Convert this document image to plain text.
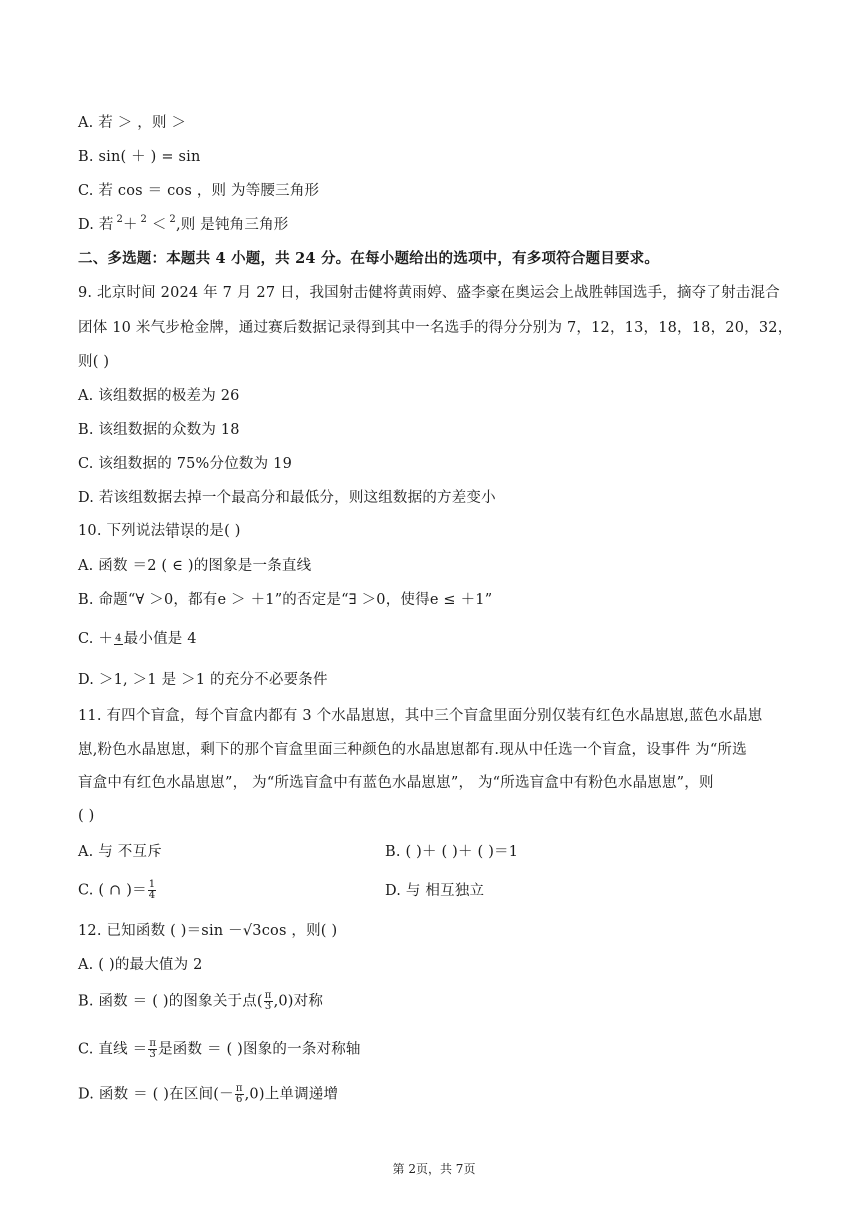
A. 若 ＞ ，则 ＞
B. sin( ＋ ) = sin
C. 若 cos ＝ cos ，则 为等腰三角形
D. 若 $^2$＋ $^2$ ＜ $^2$,则 是钝角三角形
二、多选题：本题共 4 小题，共 24 分。在每小题给出的选项中，有多项符合题目要求。
9. 北京时间 2024 年 7 月 27 日，我国射击健将黄雨婷、盛李豪在奥运会上战胜韩国选手，摘夺了射击混合
团体 10 米气步枪金牌，通过赛后数据记录得到其中一名选手的得分分别为 7，12，13，18，18，20，32，
则( )
A. 该组数据的极差为 26
B. 该组数据的众数为 18
C. 该组数据的 75%分位数为 19
D. 若该组数据去掉一个最高分和最低分，则这组数据的方差变小
10. 下列说法错误的是( )
A. 函数 ＝2 ( ∈ )的图象是一条直线
B. 命题“∀ ＞0，都有e ＞ ＋1”的否定是“∃ ＞0，使得e ≤ ＋1”
C. ＋ 4 最小值是 4
D. ＞1, ＞1 是 ＞1 的充分不必要条件
11. 有四个盲盒，每个盲盒内都有 3 个水晶崽崽，其中三个盲盒里面分别仅装有红色水晶崽崽,蓝色水晶崽
崽,粉色水晶崽崽，剩下的那个盲盒里面三种颜色的水晶崽崽都有.现从中任选一个盲盒，设事件 为“所选
盲盒中有红色水晶崽崽”， 为“所选盲盒中有蓝色水晶崽崽”， 为“所选盲盒中有粉色水晶崽崽”，则
( )
A. 与 不互斥	B. ( )＋ ( )＋ ( )＝1
C. ( ∩ )＝ $\frac{1}{4}$	D. 与 相互独立
12. 已知函数 ( )＝sin －√3cos ，则( )
A. ( )的最大值为 2
B. 函数 ＝ ( )的图象关于点( $\frac{\pi}{3} ,0$)对称
C. 直线 ＝ $\frac{\pi}{3}$ 是函数 ＝ ( )图象的一条对称轴
D. 函数 ＝ ( )在区间(－ $\frac{\pi}{6} ,0$)上单调递增
第 2页，共 7页
